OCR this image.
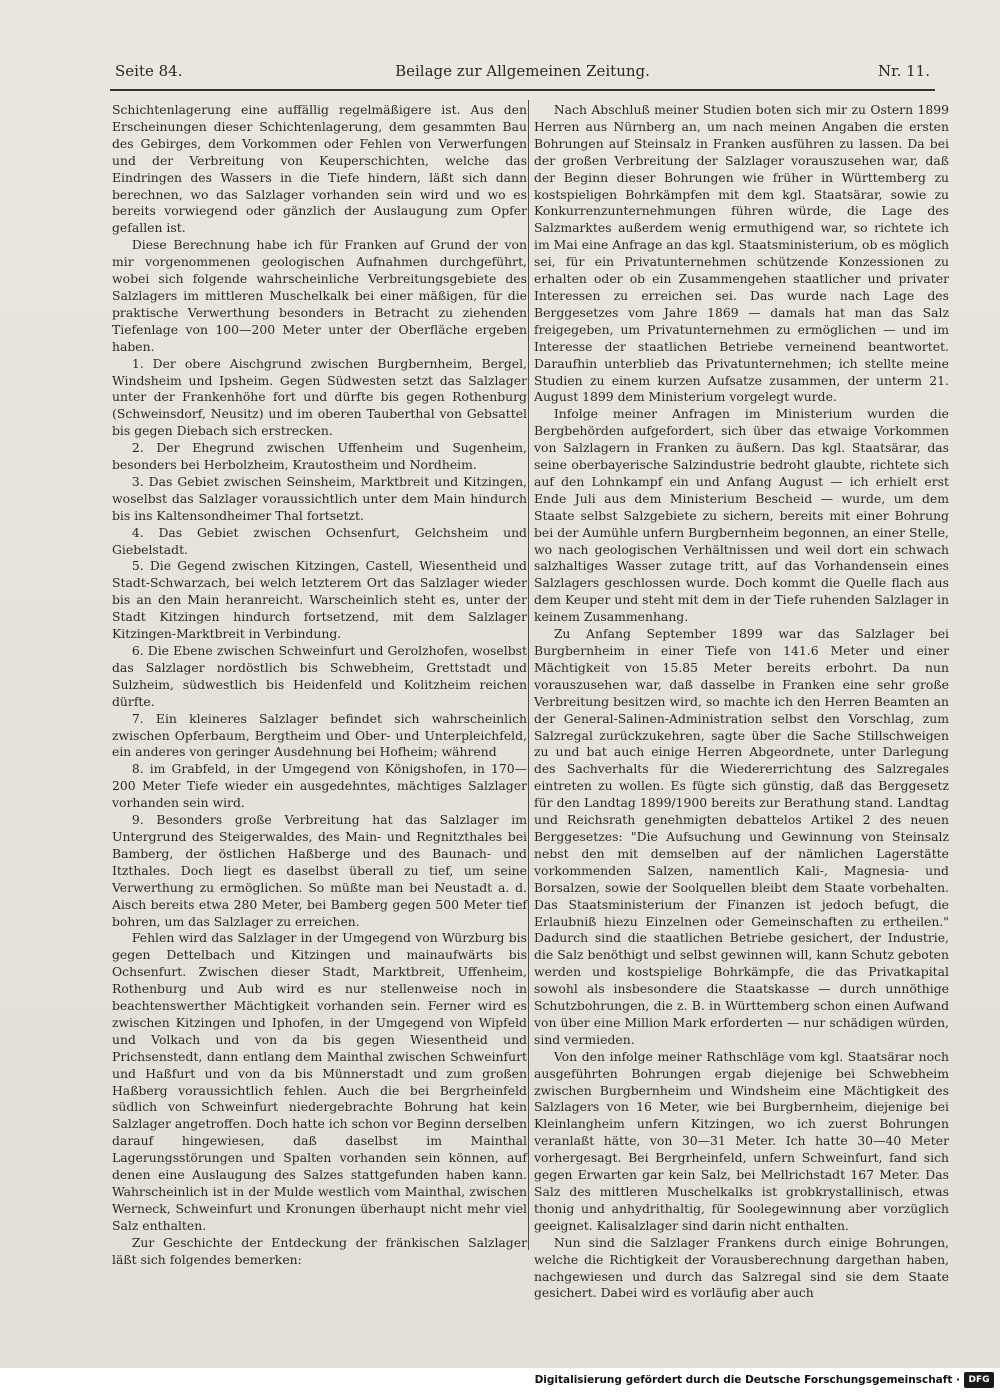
Seite 84.	Beilage zur Allgemeinen Zeitung.	Nr. 11.

Schichtenlagerung eine auffällig regelmäßigere ist. Aus den Erscheinungen dieser Schichtenlagerung, dem gesammten Bau des Gebirges, dem Vorkommen oder Fehlen von Verwerfungen und der Verbreitung von Keuperschichten, welche das Eindringen des Wassers in die Tiefe hindern, läßt sich dann berechnen, wo das Salzlager vorhanden sein wird und wo es bereits vorwiegend oder gänzlich der Auslaugung zum Opfer gefallen ist.

Diese Berechnung habe ich für Franken auf Grund der von mir vorgenommenen geologischen Aufnahmen durchgeführt, wobei sich folgende wahrscheinliche Verbreitungsgebiete des Salzlagers im mittleren Muschelkalk bei einer mäßigen, für die praktische Verwerthung besonders in Betracht zu ziehenden Tiefenlage von 100—200 Meter unter der Oberfläche ergeben haben.

1. Der obere Aischgrund zwischen Burgbernheim, Bergel, Windsheim und Ipsheim. Gegen Südwesten setzt das Salzlager unter der Frankenhöhe fort und dürfte bis gegen Rothenburg (Schweinsdorf, Neusitz) und im oberen Tauberthal von Gebsattel bis gegen Diebach sich erstrecken.

2. Der Ehegrund zwischen Uffenheim und Sugenheim, besonders bei Herbolzheim, Krautostheim und Nordheim.

3. Das Gebiet zwischen Seinsheim, Marktbreit und Kitzingen, woselbst das Salzlager voraussichtlich unter dem Main hindurch bis ins Kaltensondheimer Thal fortsetzt.

4. Das Gebiet zwischen Ochsenfurt, Gelchsheim und Giebelstadt.

5. Die Gegend zwischen Kitzingen, Castell, Wiesentheid und Stadt-Schwarzach, bei welch letzterem Ort das Salzlager wieder bis an den Main heranreicht. Warscheinlich steht es, unter der Stadt Kitzingen hindurch fortsetzend, mit dem Salzlager Kitzingen-Marktbreit in Verbindung.

6. Die Ebene zwischen Schweinfurt und Gerolzhofen, woselbst das Salzlager nordöstlich bis Schwebheim, Grettstadt und Sulzheim, südwestlich bis Heidenfeld und Kolitzheim reichen dürfte.

7. Ein kleineres Salzlager befindet sich wahrscheinlich zwischen Opferbaum, Bergtheim und Ober- und Unterpleichfeld, ein anderes von geringer Ausdehnung bei Hofheim; während

8. im Grabfeld, in der Umgegend von Königshofen, in 170—200 Meter Tiefe wieder ein ausgedehntes, mächtiges Salzlager vorhanden sein wird.

9. Besonders große Verbreitung hat das Salzlager im Untergrund des Steigerwaldes, des Main- und Regnitzthales bei Bamberg, der östlichen Haßberge und des Baunach- und Itzthales. Doch liegt es daselbst überall zu tief, um seine Verwerthung zu ermöglichen. So müßte man bei Neustadt a. d. Aisch bereits etwa 280 Meter, bei Bamberg gegen 500 Meter tief bohren, um das Salzlager zu erreichen.

Fehlen wird das Salzlager in der Umgegend von Würzburg bis gegen Dettelbach und Kitzingen und mainaufwärts bis Ochsenfurt. Zwischen dieser Stadt, Marktbreit, Uffenheim, Rothenburg und Aub wird es nur stellenweise noch in beachtenswerther Mächtigkeit vorhanden sein. Ferner wird es zwischen Kitzingen und Iphofen, in der Umgegend von Wipfeld und Volkach und von da bis gegen Wiesentheid und Prichsenstedt, dann entlang dem Mainthal zwischen Schweinfurt und Haßfurt und von da bis Münnerstadt und zum großen Haßberg voraussichtlich fehlen. Auch die bei Bergrheinfeld südlich von Schweinfurt niedergebrachte Bohrung hat kein Salzlager angetroffen. Doch hatte ich schon vor Beginn derselben darauf hingewiesen, daß daselbst im Mainthal Lagerungsstörungen und Spalten vorhanden sein können, auf denen eine Auslaugung des Salzes stattgefunden haben kann. Wahrscheinlich ist in der Mulde westlich vom Mainthal, zwischen Werneck, Schweinfurt und Kronungen überhaupt nicht mehr viel Salz enthalten.

Zur Geschichte der Entdeckung der fränkischen Salzlager läßt sich folgendes bemerken:

Nach Abschluß meiner Studien boten sich mir zu Ostern 1899 Herren aus Nürnberg an, um nach meinen Angaben die ersten Bohrungen auf Steinsalz in Franken ausführen zu lassen. Da bei der großen Verbreitung der Salzlager vorauszusehen war, daß der Beginn dieser Bohrungen wie früher in Württemberg zu kostspieligen Bohrkämpfen mit dem kgl. Staatsärar, sowie zu Konkurrenzunternehmungen führen würde, die Lage des Salzmarktes außerdem wenig ermuthigend war, so richtete ich im Mai eine Anfrage an das kgl. Staatsministerium, ob es möglich sei, für ein Privatunternehmen schützende Konzessionen zu erhalten oder ob ein Zusammengehen staatlicher und privater Interessen zu erreichen sei. Das wurde nach Lage des Berggesetzes vom Jahre 1869 — damals hat man das Salz freigegeben, um Privatunternehmen zu ermöglichen — und im Interesse der staatlichen Betriebe verneinend beantwortet. Daraufhin unterblieb das Privatunternehmen; ich stellte meine Studien zu einem kurzen Aufsatze zusammen, der unterm 21. August 1899 dem Ministerium vorgelegt wurde.

Infolge meiner Anfragen im Ministerium wurden die Bergbehörden aufgefordert, sich über das etwaige Vorkommen von Salzlagern in Franken zu äußern. Das kgl. Staatsärar, das seine oberbayerische Salzindustrie bedroht glaubte, richtete sich auf den Lohnkampf ein und Anfang August — ich erhielt erst Ende Juli aus dem Ministerium Bescheid — wurde, um dem Staate selbst Salzgebiete zu sichern, bereits mit einer Bohrung bei der Aumühle unfern Burgbernheim begonnen, an einer Stelle, wo nach geologischen Verhältnissen und weil dort ein schwach salzhaltiges Wasser zutage tritt, auf das Vorhandensein eines Salzlagers geschlossen wurde. Doch kommt die Quelle flach aus dem Keuper und steht mit dem in der Tiefe ruhenden Salzlager in keinem Zusammenhang.

Zu Anfang September 1899 war das Salzlager bei Burgbernheim in einer Tiefe von 141.6 Meter und einer Mächtigkeit von 15.85 Meter bereits erbohrt. Da nun vorauszusehen war, daß dasselbe in Franken eine sehr große Verbreitung besitzen wird, so machte ich den Herren Beamten an der General-Salinen-Administration selbst den Vorschlag, zum Salzregal zurückzukehren, sagte über die Sache Stillschweigen zu und bat auch einige Herren Abgeordnete, unter Darlegung des Sachverhalts für die Wiedererrichtung des Salzregales eintreten zu wollen. Es fügte sich günstig, daß das Berggesetz für den Landtag 1899/1900 bereits zur Berathung stand. Landtag und Reichsrath genehmigten debattelos Artikel 2 des neuen Berggesetzes: "Die Aufsuchung und Gewinnung von Steinsalz nebst den mit demselben auf der nämlichen Lagerstätte vorkommenden Salzen, namentlich Kali-, Magnesia- und Borsalzen, sowie der Soolquellen bleibt dem Staate vorbehalten. Das Staatsministerium der Finanzen ist jedoch befugt, die Erlaubniß hiezu Einzelnen oder Gemeinschaften zu ertheilen." Dadurch sind die staatlichen Betriebe gesichert, der Industrie, die Salz benöthigt und selbst gewinnen will, kann Schutz geboten werden und kostspielige Bohrkämpfe, die das Privatkapital sowohl als insbesondere die Staatskasse — durch unnöthige Schutzbohrungen, die z. B. in Württemberg schon einen Aufwand von über eine Million Mark erforderten — nur schädigen würden, sind vermieden.

Von den infolge meiner Rathschläge vom kgl. Staatsärar noch ausgeführten Bohrungen ergab diejenige bei Schwebheim zwischen Burgbernheim und Windsheim eine Mächtigkeit des Salzlagers von 16 Meter, wie bei Burgbernheim, diejenige bei Kleinlangheim unfern Kitzingen, wo ich zuerst Bohrungen veranlaßt hätte, von 30—31 Meter. Ich hatte 30—40 Meter vorhergesagt. Bei Bergrheinfeld, unfern Schweinfurt, fand sich gegen Erwarten gar kein Salz, bei Mellrichstadt 167 Meter. Das Salz des mittleren Muschelkalks ist grobkrystallinisch, etwas thonig und anhydrithaltig, für Soolegewinnung aber vorzüglich geeignet. Kalisalzlager sind darin nicht enthalten.

Nun sind die Salzlager Frankens durch einige Bohrungen, welche die Richtigkeit der Vorausberechnung dargethan haben, nachgewiesen und durch das Salzregal sind sie dem Staate gesichert. Dabei wird es vorläufig aber auch

Digitalisierung gefördert durch die Deutsche Forschungsgemeinschaft · DFG
